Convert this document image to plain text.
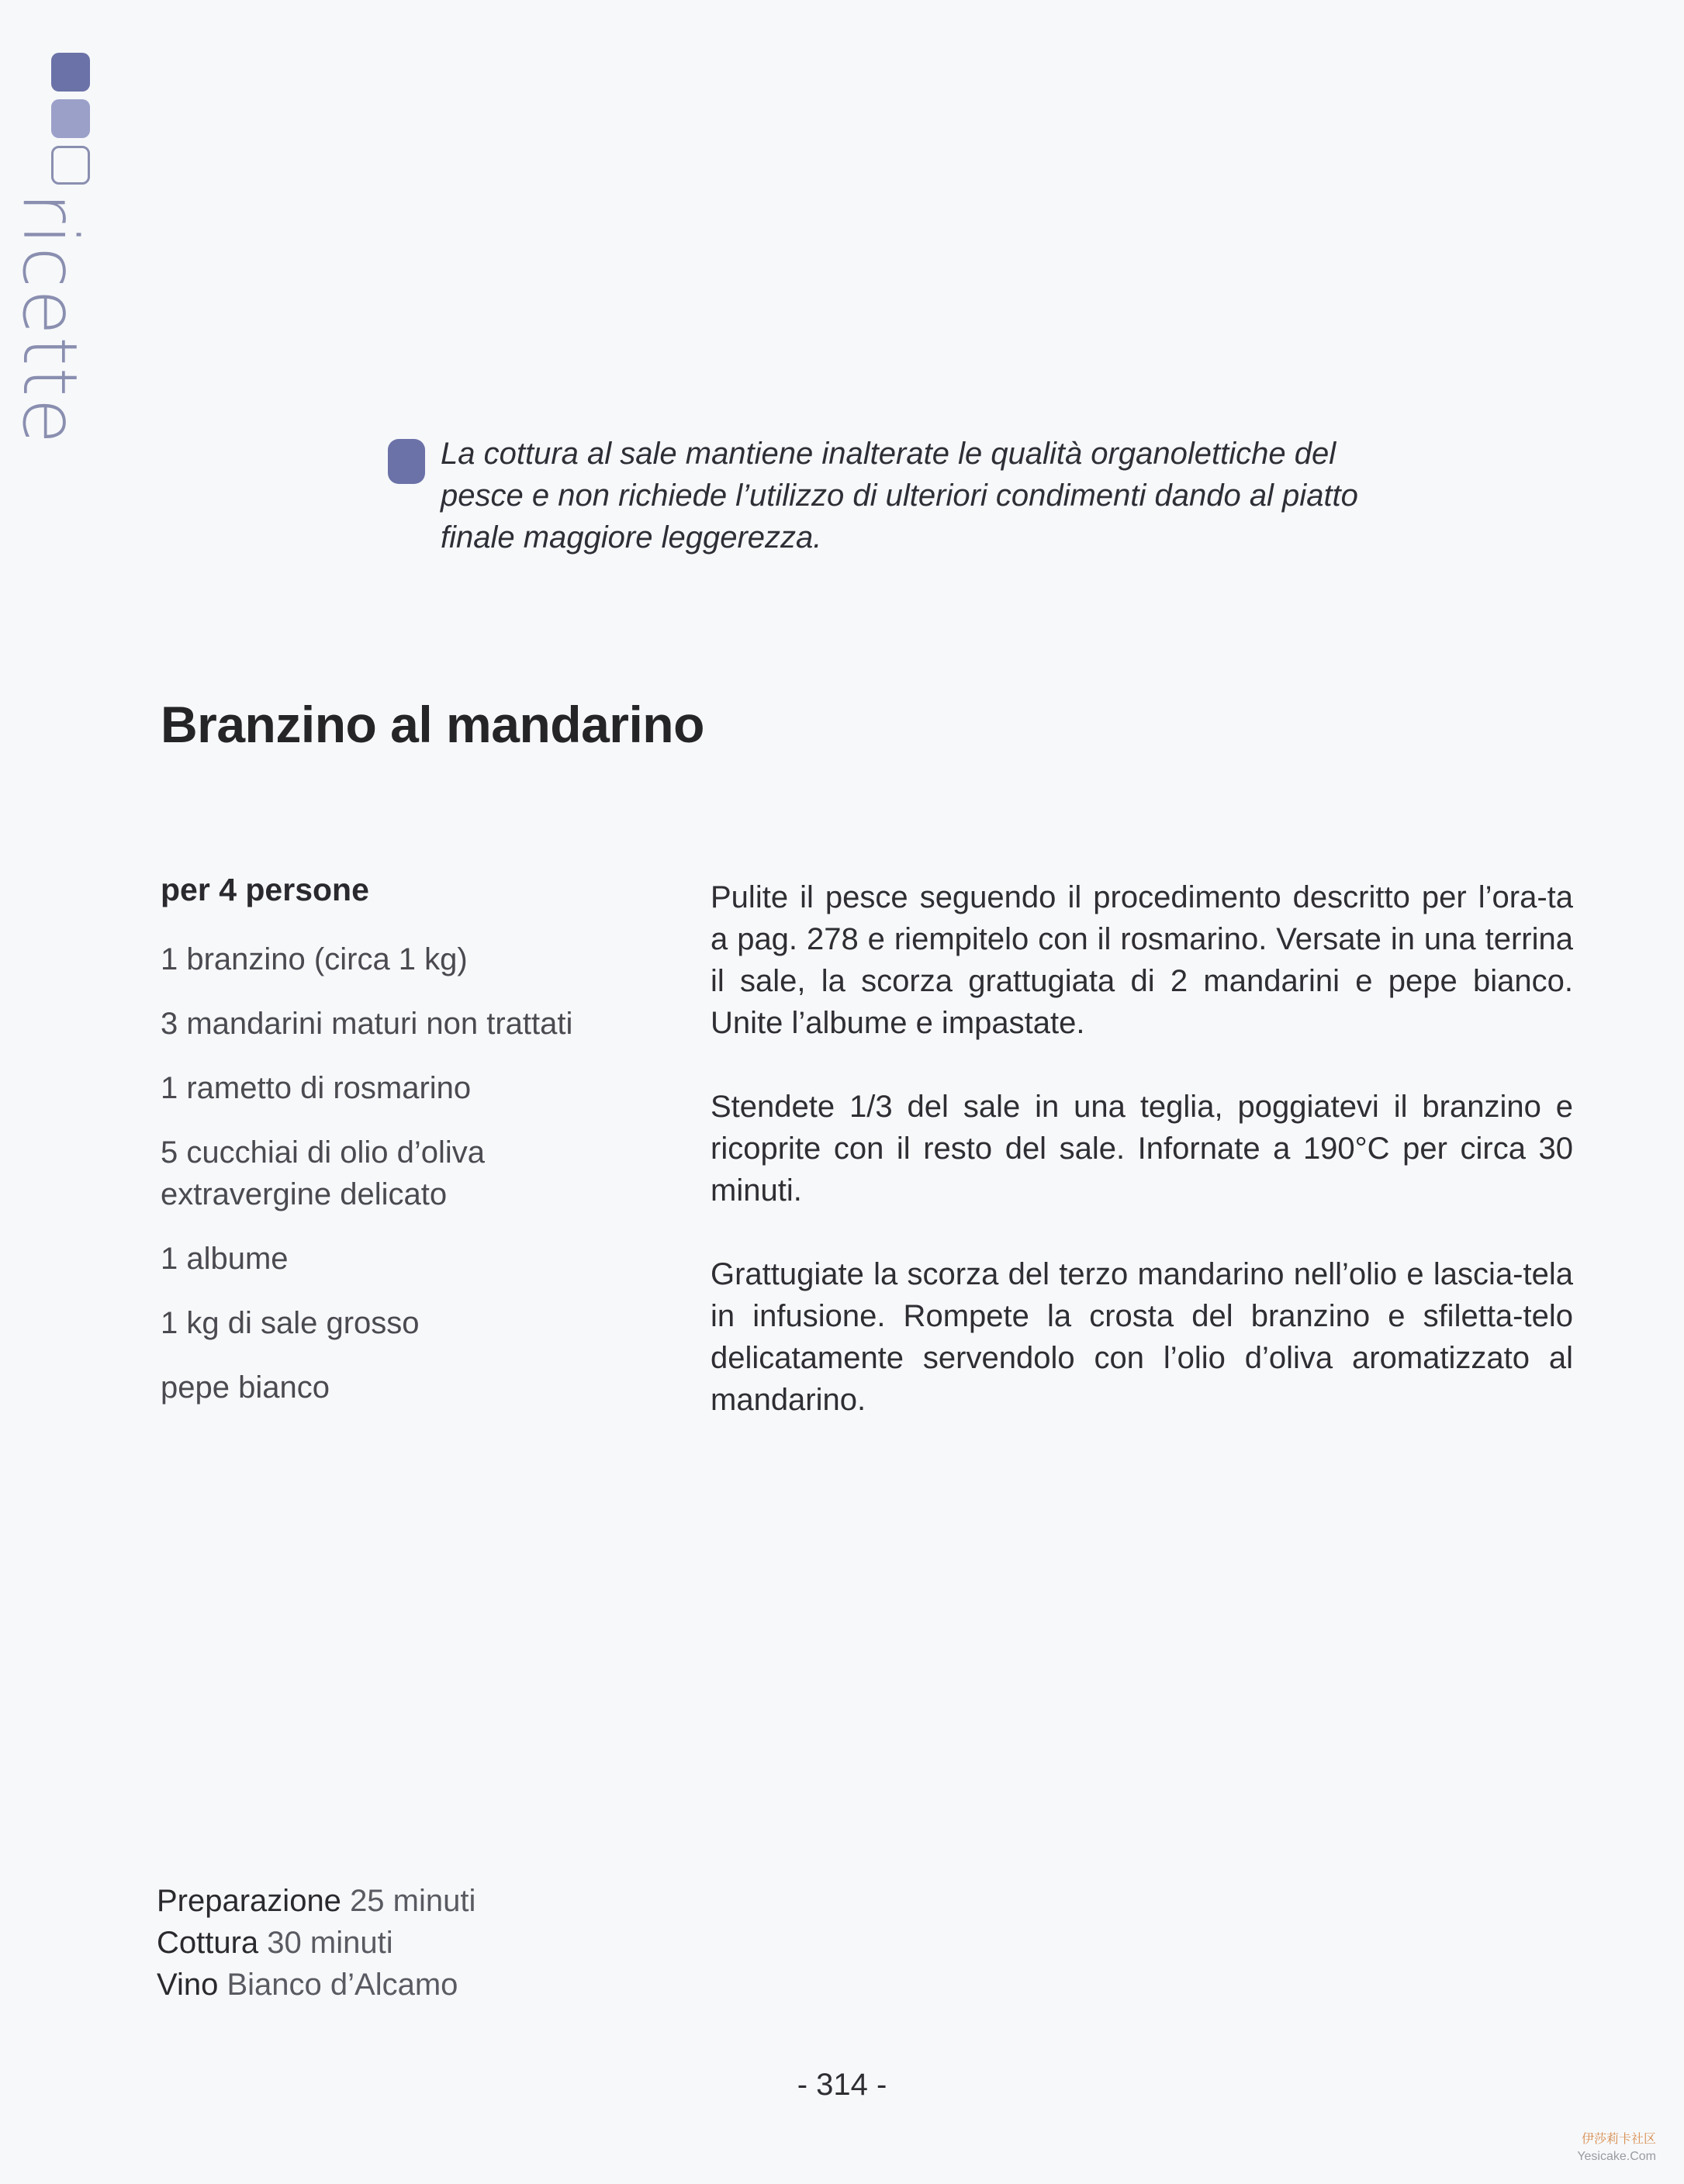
ricette
La cottura al sale mantiene inalterate le qualità organolettiche del pesce e non richiede l’utilizzo di ulteriori condimenti dando al piatto finale maggiore leggerezza.
Branzino al mandarino
per 4 persone
1 branzino (circa 1 kg)
3 mandarini maturi non trattati
1 rametto di rosmarino
5 cucchiai di olio d’oliva extravergine delicato
1 albume
1 kg di sale grosso
pepe bianco

Pulite il pesce seguendo il procedimento descritto per l’ora-ta a pag. 278 e riempitelo con il rosmarino. Versate in una terrina il sale, la scorza grattugiata di 2 mandarini e pepe bianco. Unite l’albume e impastate.

Stendete 1/3 del sale in una teglia, poggiatevi il branzino e ricoprite con il resto del sale. Infornate a 190°C per circa 30 minuti.

Grattugiate la scorza del terzo mandarino nell’olio e lascia-tela in infusione. Rompete la crosta del branzino e sfiletta-telo delicatamente servendolo con l’olio d’oliva aromatizzato al mandarino.

Preparazione 25 minuti
Cottura 30 minuti
Vino Bianco d’Alcamo
- 314 -
伊莎莉卡社区
Yesicake.Com
